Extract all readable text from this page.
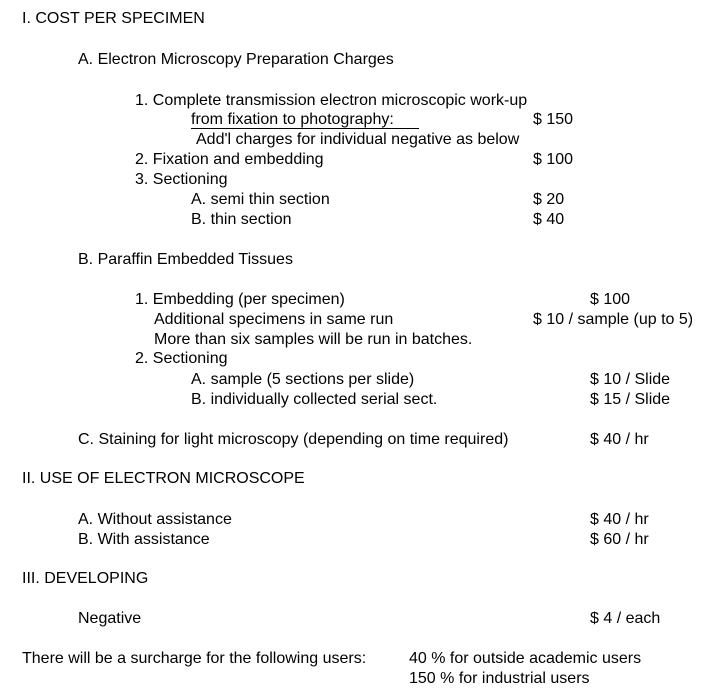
I. COST PER SPECIMEN
A. Electron Microscopy Preparation Charges
1. Complete transmission electron microscopic work-up
from fixation to photography:	$ 150
Add'l charges for individual negative as below
2. Fixation and embedding	$ 100
3. Sectioning
A. semi thin section	$ 20
B. thin section	$ 40
B. Paraffin Embedded Tissues
1. Embedding (per specimen)	$ 100
Additional specimens in same run	$ 10 / sample (up to 5)
More than six samples will be run in batches.
2. Sectioning
A. sample (5 sections per slide)	$ 10 / Slide
B. individually collected serial sect.	$ 15 / Slide
C. Staining for light microscopy (depending on time required)	$ 40 / hr
II. USE OF ELECTRON MICROSCOPE
A. Without assistance	$ 40 / hr
B. With assistance	$ 60 / hr
III. DEVELOPING
Negative	$ 4 / each
There will be a surcharge for the following users:	40 % for outside academic users
150 % for industrial users
